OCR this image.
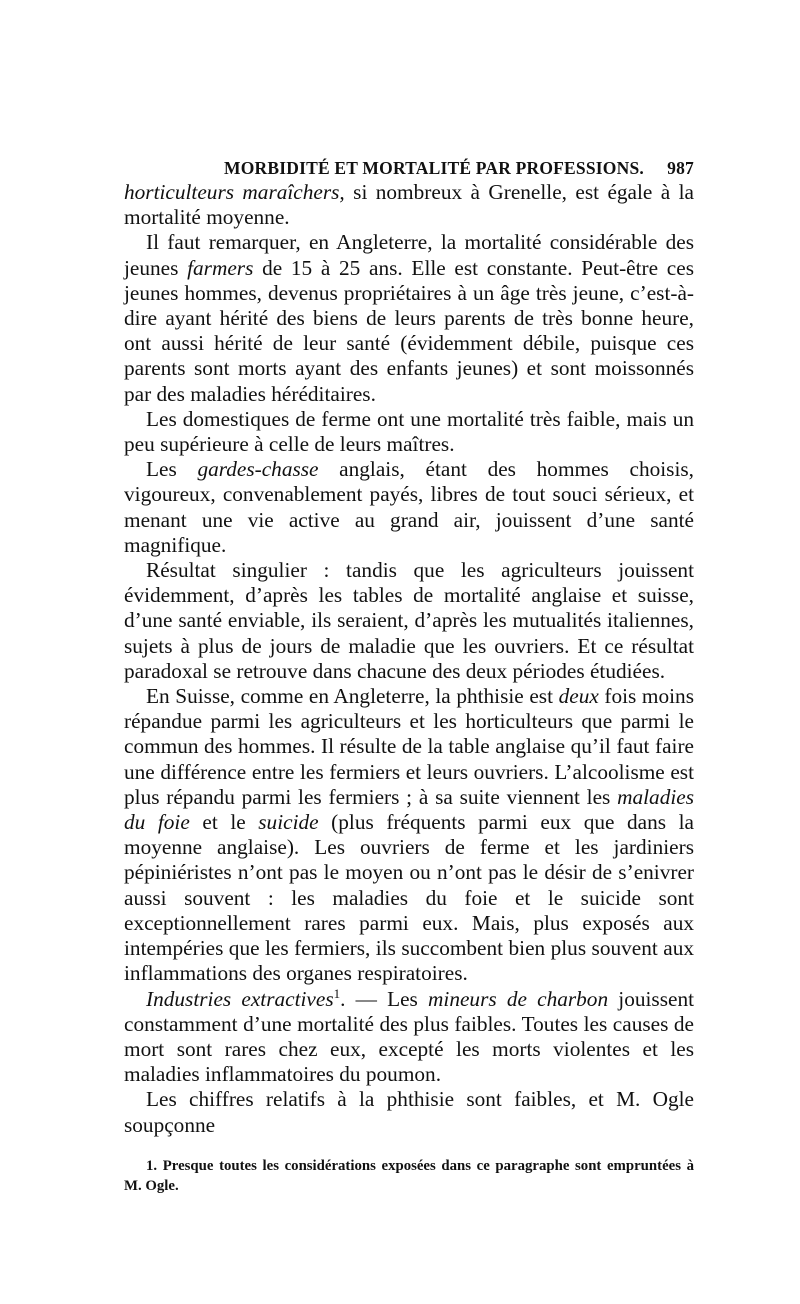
MORBIDITÉ ET MORTALITÉ PAR PROFESSIONS. 987

horticulteurs maraîchers, si nombreux à Grenelle, est égale à la mortalité moyenne.

Il faut remarquer, en Angleterre, la mortalité considérable des jeunes farmers de 15 à 25 ans. Elle est constante. Peut-être ces jeunes hommes, devenus propriétaires à un âge très jeune, c’est-à-dire ayant hérité des biens de leurs parents de très bonne heure, ont aussi hérité de leur santé (évidemment débile, puisque ces parents sont morts ayant des enfants jeunes) et sont moissonnés par des maladies héréditaires.

Les domestiques de ferme ont une mortalité très faible, mais un peu supérieure à celle de leurs maîtres.

Les gardes-chasse anglais, étant des hommes choisis, vigoureux, convenablement payés, libres de tout souci sérieux, et menant une vie active au grand air, jouissent d’une santé magnifique.

Résultat singulier : tandis que les agriculteurs jouissent évidemment, d’après les tables de mortalité anglaise et suisse, d’une santé enviable, ils seraient, d’après les mutualités italiennes, sujets à plus de jours de maladie que les ouvriers. Et ce résultat paradoxal se retrouve dans chacune des deux périodes étudiées.

En Suisse, comme en Angleterre, la phthisie est deux fois moins répandue parmi les agriculteurs et les horticulteurs que parmi le commun des hommes. Il résulte de la table anglaise qu’il faut faire une différence entre les fermiers et leurs ouvriers. L’alcoolisme est plus répandu parmi les fermiers ; à sa suite viennent les maladies du foie et le suicide (plus fréquents parmi eux que dans la moyenne anglaise). Les ouvriers de ferme et les jardiniers pépiniéristes n’ont pas le moyen ou n’ont pas le désir de s’enivrer aussi souvent : les maladies du foie et le suicide sont exceptionnellement rares parmi eux. Mais, plus exposés aux intempéries que les fermiers, ils succombent bien plus souvent aux inflammations des organes respiratoires.

Industries extractives$^1$. — Les mineurs de charbon jouissent constamment d’une mortalité des plus faibles. Toutes les causes de mort sont rares chez eux, excepté les morts violentes et les maladies inflammatoires du poumon.

Les chiffres relatifs à la phthisie sont faibles, et M. Ogle soupçonne

1. Presque toutes les considérations exposées dans ce paragraphe sont empruntées à M. Ogle.
